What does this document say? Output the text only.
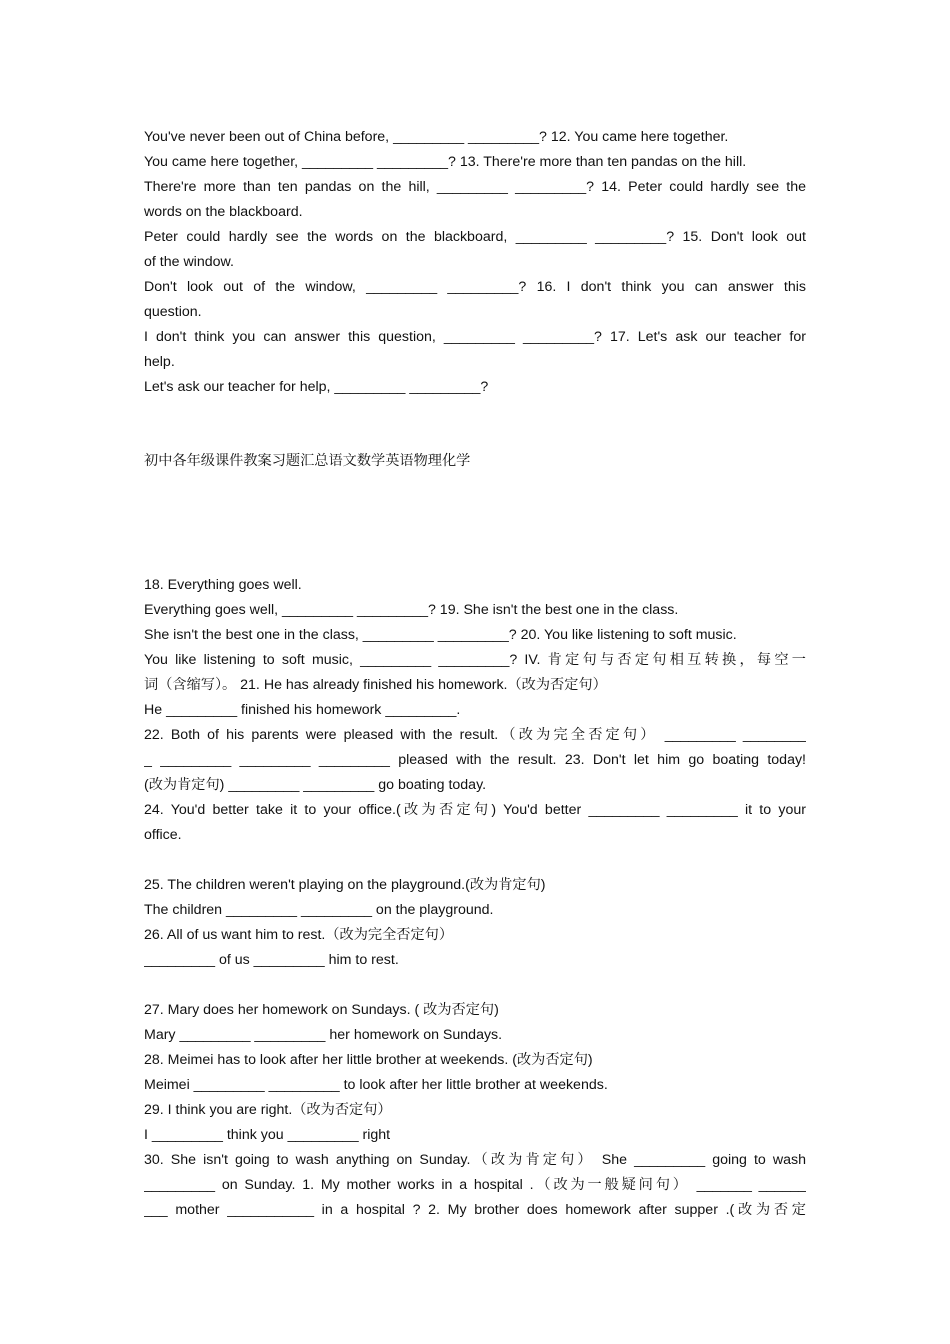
You've never been out of China before, _________ _________? 12. You came here together.
You came here together, _________ _________? 13. There're more than ten pandas on the hill.
There're more than ten pandas on the hill, _________ _________? 14. Peter could hardly see the
words on the blackboard.
Peter could hardly see the words on the blackboard, _________ _________? 15. Don't look out
of the window.
Don't look out of the window, _________ _________? 16. I don't think you can answer this
question.
I don't think you can answer this question, _________ _________? 17. Let's ask our teacher for
help.
Let's ask our teacher for help, _________ _________?
初中各年级课件教案习题汇总语文数学英语物理化学
18. Everything goes well.
Everything goes well, _________ _________? 19. She isn't the best one in the class.
She isn't the best one in the class, _________ _________? 20. You like listening to soft music.
You like listening to soft music, _________ _________? IV. 肯定句与否定句相互转换，每空一
词（含缩写）。 21. He has already finished his homework.（改为否定句）
He _________ finished his homework _________.
22. Both of his parents were pleased with the result.（改为完全否定句） _________ ________
_ _________ _________ _________ pleased with the result. 23. Don't let him go boating today!
(改为肯定句) _________ _________ go boating today.
24. You'd better take it to your office.(改为否定句) You'd better _________ _________ it to your
office.
25. The children weren't playing on the playground.(改为肯定句)
The children _________ _________ on the playground.
26. All of us want him to rest.（改为完全否定句）
_________ of us _________ him to rest.
27. Mary does her homework on Sundays. ( 改为否定句)
Mary _________ _________ her homework on Sundays.
28. Meimei has to look after her little brother at weekends. (改为否定句)
Meimei _________ _________ to look after her little brother at weekends.
29. I think you are right.（改为否定句）
I _________ think you _________ right
30. She isn't going to wash anything on Sunday.（改为肯定句） She _________ going to wash
_________ on Sunday. 1. My mother works in a hospital .（改为一般疑问句） _______ ______
___ mother ___________ in a hospital ? 2. My brother does homework after supper .(改为否定
